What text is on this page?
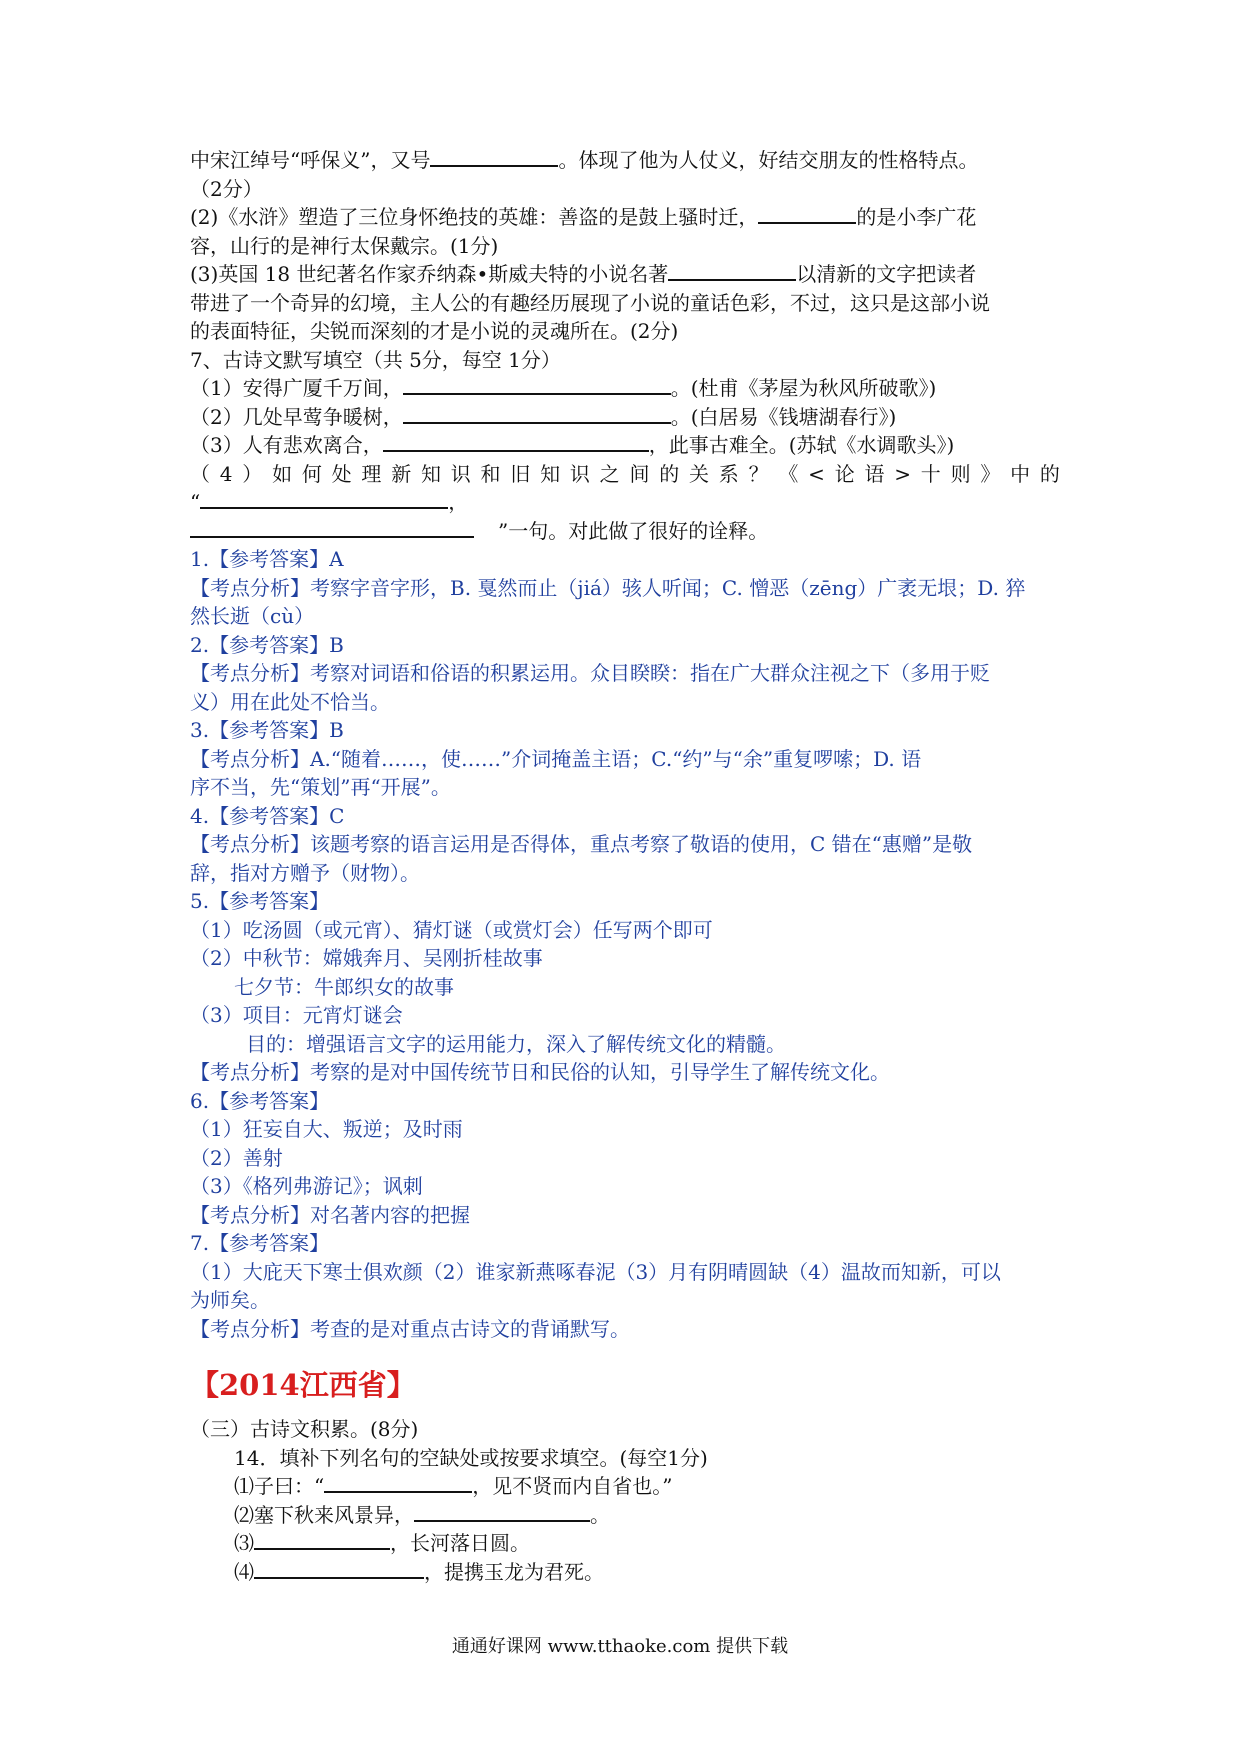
中宋江绰号“呼保义”，又号	。体现了他为人仗义，好结交朋友的性格特点。
（2分）
(2)《水浒》塑造了三位身怀绝技的英雄：善盗的是鼓上骚时迁，	的是小李广花
容，山行的是神行太保戴宗。(1分)
(3)英国 18 世纪著名作家乔纳森•斯威夫特的小说名著	以清新的文字把读者
带进了一个奇异的幻境，主人公的有趣经历展现了小说的童话色彩，不过，这只是这部小说
的表面特征，尖锐而深刻的才是小说的灵魂所在。(2分)
7、古诗文默写填空（共 5分，每空 1分）
（1）安得广厦千万间，	。(杜甫《茅屋为秋风所破歌》)
（2）几处早莺争暖树，	。(白居易《钱塘湖春行》)
（3）人有悲欢离合，	，此事古难全。(苏轼《水调歌头》)
（ 4 ） 如 何 处 理 新 知 识 和 旧 知 识 之 间 的 关 系 ？ 《 < 论 语 > 十 则 》 中 的
“	，
”一句。对此做了很好的诠释。
1.【参考答案】A
【考点分析】考察字音字形，B. 戛然而止（jiá）骇人听闻；C. 憎恶（zēng）广袤无垠；D. 猝
然长逝（cù）
2.【参考答案】B
【考点分析】考察对词语和俗语的积累运用。众目睽睽：指在广大群众注视之下（多用于贬
义）用在此处不恰当。
3.【参考答案】B
【考点分析】A.“随着……，使……”介词掩盖主语；C.“约”与“余”重复啰嗦；D. 语
序不当，先“策划”再“开展”。
4.【参考答案】C
【考点分析】该题考察的语言运用是否得体，重点考察了敬语的使用，C 错在“惠赠”是敬
辞，指对方赠予（财物）。
5.【参考答案】
（1）吃汤圆（或元宵）、猜灯谜（或赏灯会）任写两个即可
（2）中秋节：嫦娥奔月、吴刚折桂故事
七夕节：牛郎织女的故事
（3）项目：元宵灯谜会
目的：增强语言文字的运用能力，深入了解传统文化的精髓。
【考点分析】考察的是对中国传统节日和民俗的认知，引导学生了解传统文化。
6.【参考答案】
（1）狂妄自大、叛逆；及时雨
（2）善射
（3）《格列弗游记》；讽刺
【考点分析】对名著内容的把握
7.【参考答案】
（1）大庇天下寒士俱欢颜（2）谁家新燕啄春泥（3）月有阴晴圆缺（4）温故而知新，可以
为师矣。
【考点分析】考查的是对重点古诗文的背诵默写。
【2014江西省】
（三）古诗文积累。(8分)
14．填补下列名句的空缺处或按要求填空。(每空1分)
⑴子曰：“	，见不贤而内自省也。”
⑵塞下秋来风景异，	。
⑶	，长河落日圆。
⑷	，提携玉龙为君死。
通通好课网 www.tthaoke.com 提供下载
